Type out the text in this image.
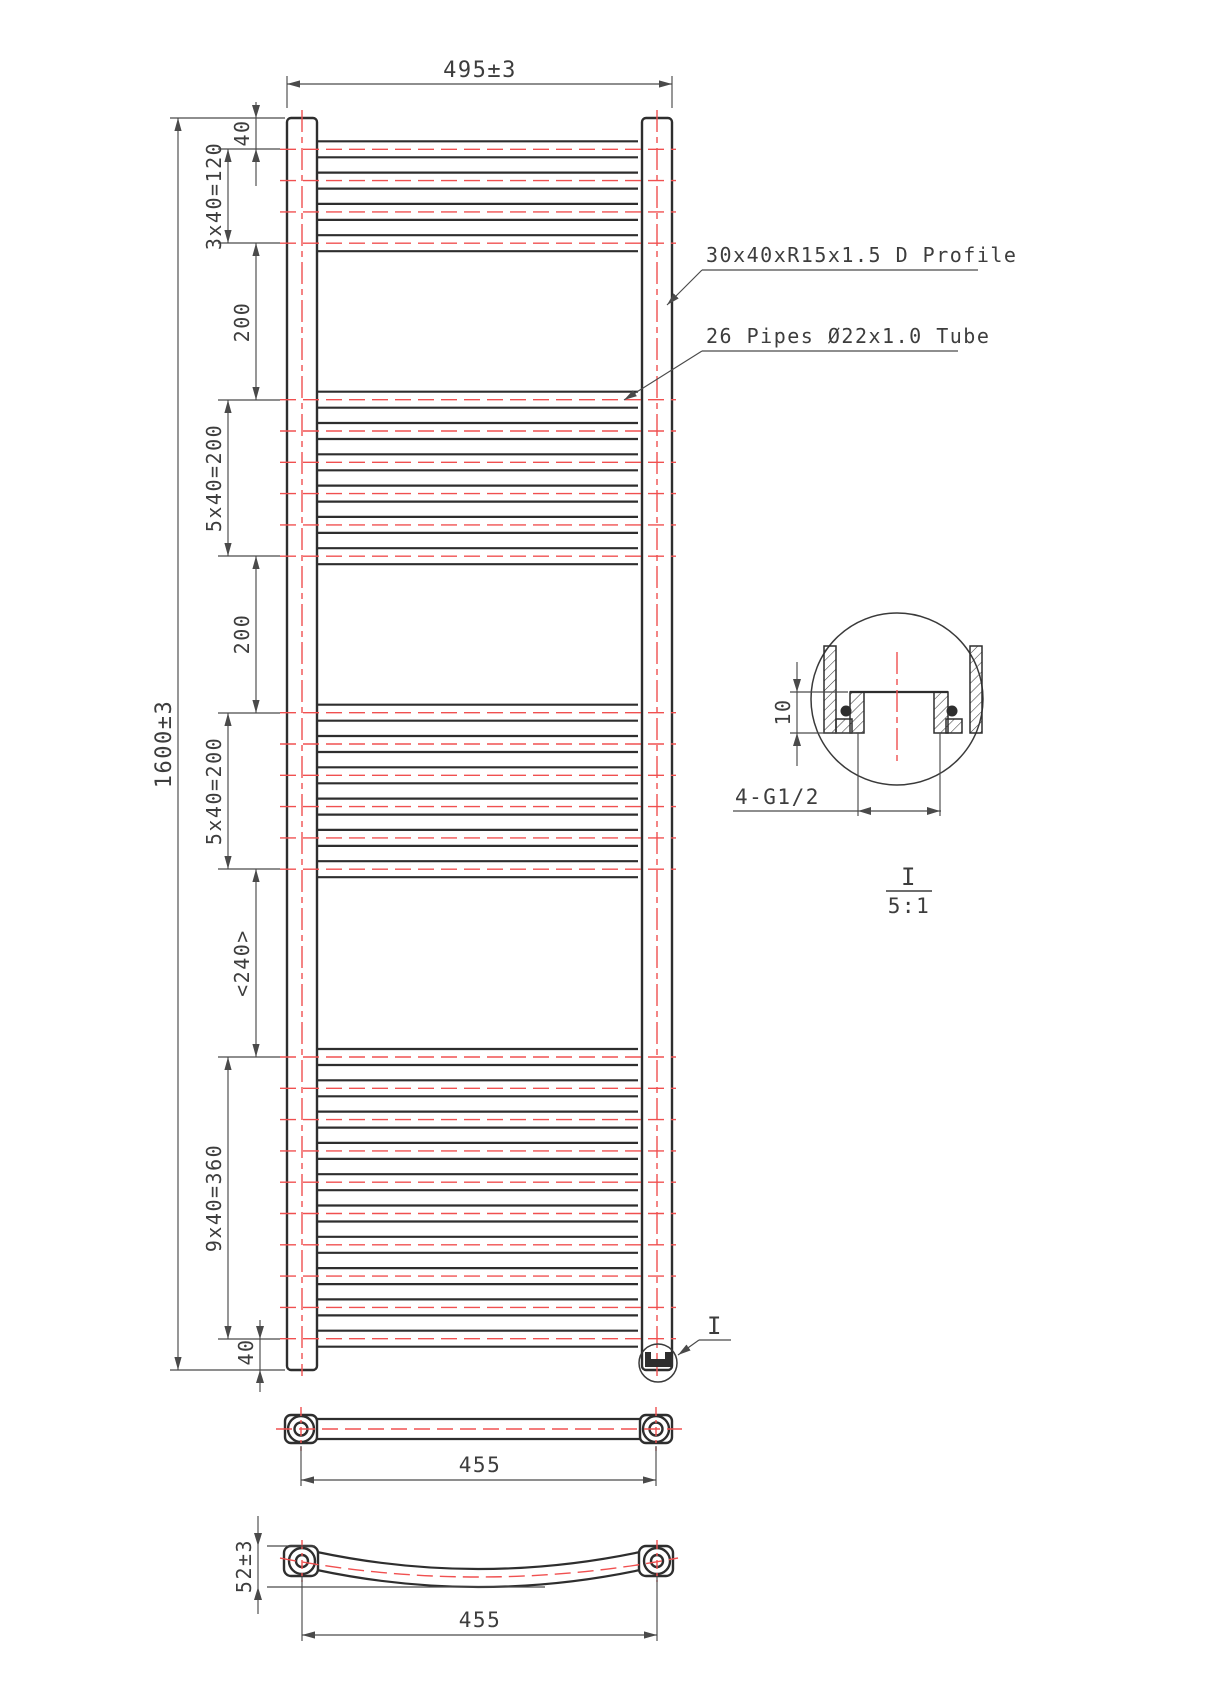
495±3
1600±3
40
3x40=120
200
5x40=200
200
5x40=200
<240>
9x40=360
40
30x40xR15x1.5 D Profile
26 Pipes Ø22x1.0 Tube
I
10
4-G1/2
I
5:1
455
52±3
455
